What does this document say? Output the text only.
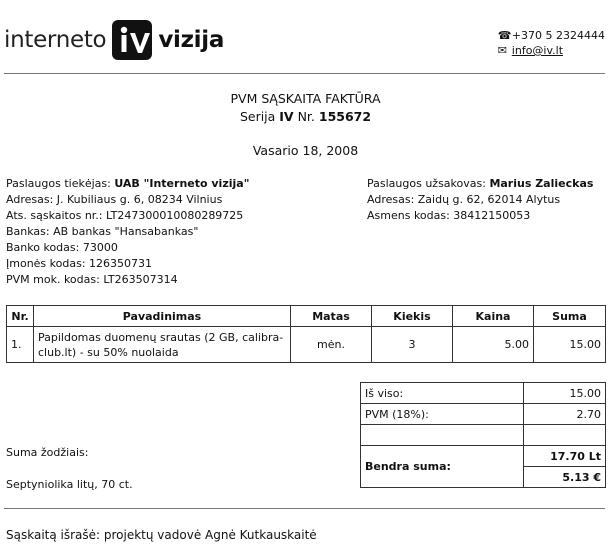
interneto vizija	☎ +370 5 2324444
✉ info@iv.lt
PVM SĄSKAITA FAKTŪRA
Serija IV Nr. 155672
Vasario 18, 2008
Paslaugos tiekėjas: UAB "Interneto vizija"
Adresas: J. Kubiliaus g. 6, 08234 Vilnius
Ats. sąskaitos nr.: LT247300010080289725
Bankas: AB bankas "Hansabankas"
Banko kodas: 73000
Įmonės kodas: 126350731
PVM mok. kodas: LT263507314
Paslaugos užsakovas: Marius Zalieckas
Adresas: Zaidų g. 62, 62014 Alytus
Asmens kodas: 38412150053
Nr.	Pavadinimas	Matas	Kiekis	Kaina	Suma
1.	Papildomas duomenų srautas (2 GB, calibra-club.lt) - su 50% nuolaida	mėn.	3	5.00	15.00
Iš viso:	15.00
PVM (18%):	2.70

Bendra suma:	17.70 Lt
	5.13 €
Suma žodžiais:
Septyniolika litų, 70 ct.
Sąskaitą išrašė: projektų vadovė Agnė Kutkauskaitė
